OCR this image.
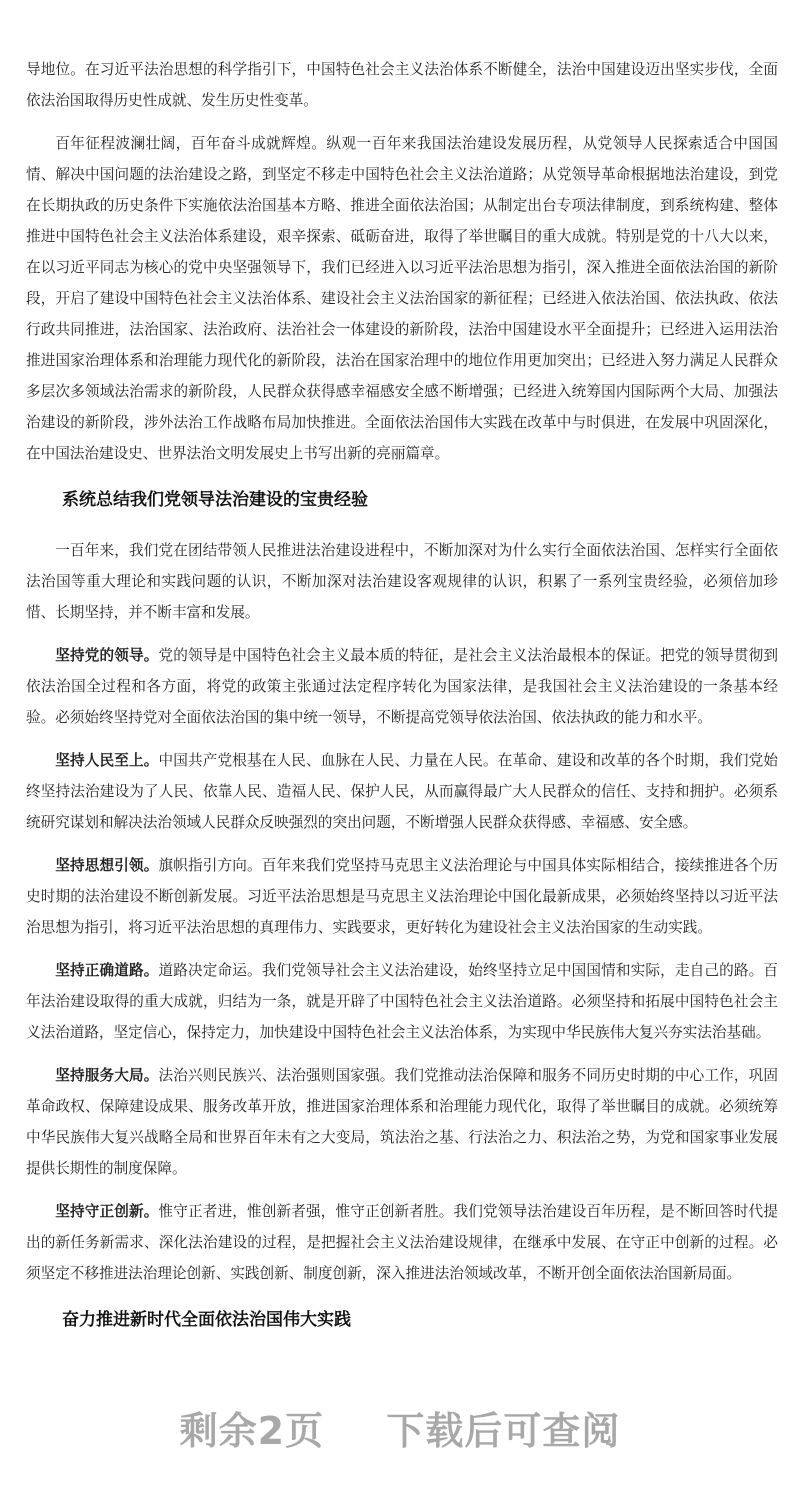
导地位。在习近平法治思想的科学指引下，中国特色社会主义法治体系不断健全，法治中国建设迈出坚实步伐，全面依法治国取得历史性成就、发生历史性变革。

百年征程波澜壮阔，百年奋斗成就辉煌。纵观一百年来我国法治建设发展历程，从党领导人民探索适合中国国情、解决中国问题的法治建设之路，到坚定不移走中国特色社会主义法治道路；从党领导革命根据地法治建设，到党在长期执政的历史条件下实施依法治国基本方略、推进全面依法治国；从制定出台专项法律制度，到系统构建、整体推进中国特色社会主义法治体系建设，艰辛探索、砥砺奋进，取得了举世瞩目的重大成就。特别是党的十八大以来，在以习近平同志为核心的党中央坚强领导下，我们已经进入以习近平法治思想为指引，深入推进全面依法治国的新阶段，开启了建设中国特色社会主义法治体系、建设社会主义法治国家的新征程；已经进入依法治国、依法执政、依法行政共同推进，法治国家、法治政府、法治社会一体建设的新阶段，法治中国建设水平全面提升；已经进入运用法治推进国家治理体系和治理能力现代化的新阶段，法治在国家治理中的地位作用更加突出；已经进入努力满足人民群众多层次多领域法治需求的新阶段，人民群众获得感幸福感安全感不断增强；已经进入统筹国内国际两个大局、加强法治建设的新阶段，涉外法治工作战略布局加快推进。全面依法治国伟大实践在改革中与时俱进，在发展中巩固深化，在中国法治建设史、世界法治文明发展史上书写出新的亮丽篇章。

系统总结我们党领导法治建设的宝贵经验

一百年来，我们党在团结带领人民推进法治建设进程中，不断加深对为什么实行全面依法治国、怎样实行全面依法治国等重大理论和实践问题的认识，不断加深对法治建设客观规律的认识，积累了一系列宝贵经验，必须倍加珍惜、长期坚持，并不断丰富和发展。

坚持党的领导。党的领导是中国特色社会主义最本质的特征，是社会主义法治最根本的保证。把党的领导贯彻到依法治国全过程和各方面，将党的政策主张通过法定程序转化为国家法律，是我国社会主义法治建设的一条基本经验。必须始终坚持党对全面依法治国的集中统一领导，不断提高党领导依法治国、依法执政的能力和水平。

坚持人民至上。中国共产党根基在人民、血脉在人民、力量在人民。在革命、建设和改革的各个时期，我们党始终坚持法治建设为了人民、依靠人民、造福人民、保护人民，从而赢得最广大人民群众的信任、支持和拥护。必须系统研究谋划和解决法治领域人民群众反映强烈的突出问题，不断增强人民群众获得感、幸福感、安全感。

坚持思想引领。旗帜指引方向。百年来我们党坚持马克思主义法治理论与中国具体实际相结合，接续推进各个历史时期的法治建设不断创新发展。习近平法治思想是马克思主义法治理论中国化最新成果，必须始终坚持以习近平法治思想为指引，将习近平法治思想的真理伟力、实践要求，更好转化为建设社会主义法治国家的生动实践。

坚持正确道路。道路决定命运。我们党领导社会主义法治建设，始终坚持立足中国国情和实际，走自己的路。百年法治建设取得的重大成就，归结为一条，就是开辟了中国特色社会主义法治道路。必须坚持和拓展中国特色社会主义法治道路，坚定信心，保持定力，加快建设中国特色社会主义法治体系，为实现中华民族伟大复兴夯实法治基础。

坚持服务大局。法治兴则民族兴、法治强则国家强。我们党推动法治保障和服务不同历史时期的中心工作，巩固革命政权、保障建设成果、服务改革开放，推进国家治理体系和治理能力现代化，取得了举世瞩目的成就。必须统筹中华民族伟大复兴战略全局和世界百年未有之大变局，筑法治之基、行法治之力、积法治之势，为党和国家事业发展提供长期性的制度保障。

坚持守正创新。惟守正者进，惟创新者强，惟守正创新者胜。我们党领导法治建设百年历程，是不断回答时代提出的新任务新需求、深化法治建设的过程，是把握社会主义法治建设规律，在继承中发展、在守正中创新的过程。必须坚定不移推进法治理论创新、实践创新、制度创新，深入推进法治领域改革，不断开创全面依法治国新局面。

奋力推进新时代全面依法治国伟大实践
剩余2页 下载后可查阅
